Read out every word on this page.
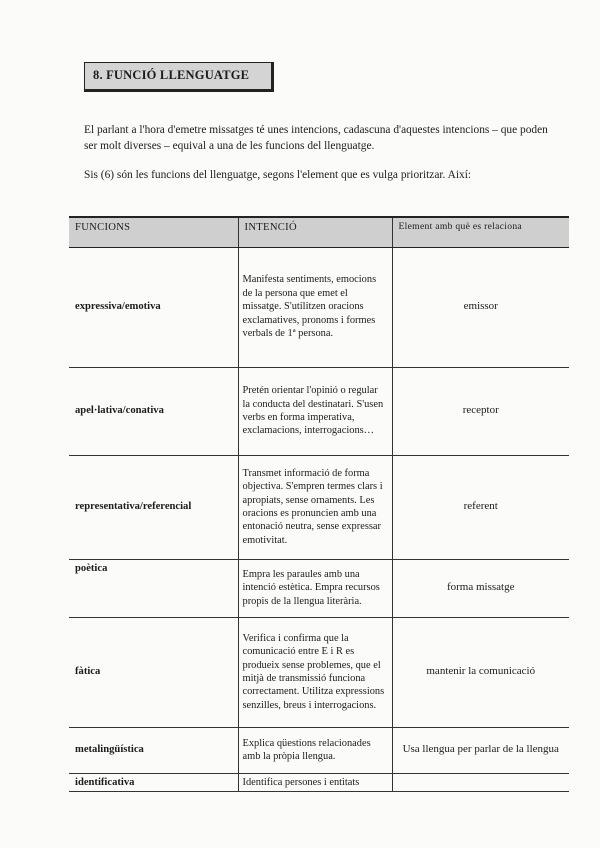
8. FUNCIÓ LLENGUATGE
El parlant a l'hora d'emetre missatges té unes intencions, cadascuna d'aquestes intencions – que poden ser molt diverses – equival a una de les funcions del llenguatge.
Sis (6) són les funcions del llenguatge, segons l'element que es vulga prioritzar. Així:
FUNCIONS	INTENCIÓ	Element amb què es relaciona
expressiva/emotiva	Manifesta sentiments, emocions de la persona que emet el missatge. S'utilitzen oracions exclamatives, pronoms i formes verbals de 1ª persona.	emissor
apel·lativa/conativa	Pretén orientar l'opinió o regular la conducta del destinatari. S'usen verbs en forma imperativa, exclamacions, interrogacions…	receptor
representativa/referencial	Transmet informació de forma objectiva. S'empren termes clars i apropiats, sense ornaments. Les oracions es pronuncien amb una entonació neutra, sense expressar emotivitat.	referent
poètica	Empra les paraules amb una intenció estètica. Empra recursos propis de la llengua literària.	forma missatge
fàtica	Verifica i confirma que la comunicació entre E i R es produeix sense problemes, que el mitjà de transmissió funciona correctament. Utilitza expressions senzilles, breus i interrogacions.	mantenir la comunicació
metalingüística	Explica qüestions relacionades amb la pròpia llengua.	Usa llengua per parlar de la llengua
identificativa	Identifica persones i entitats	
